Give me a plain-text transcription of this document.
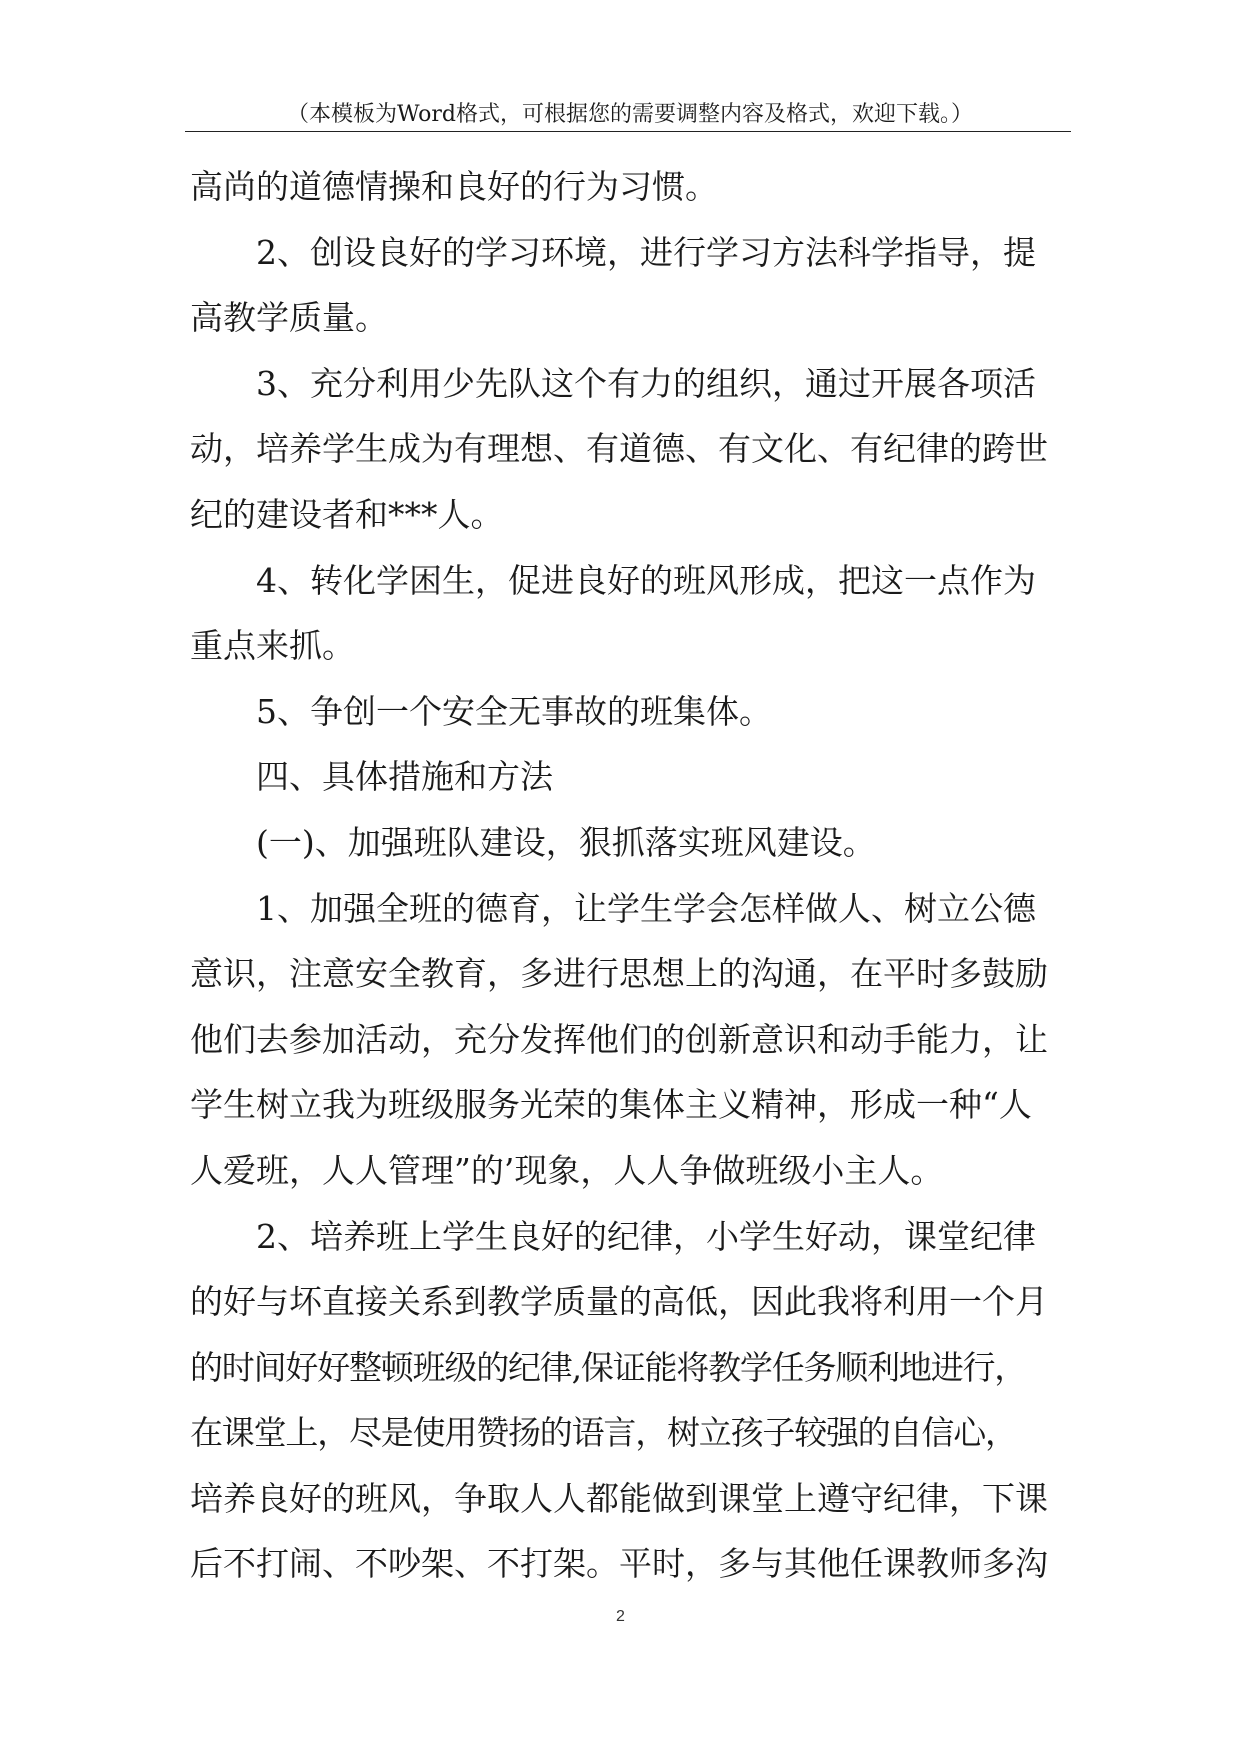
（本模板为Word格式，可根据您的需要调整内容及格式，欢迎下载。）
高尚的道德情操和良好的行为习惯。
2、创设良好的学习环境，进行学习方法科学指导，提
高教学质量。
3、充分利用少先队这个有力的组织，通过开展各项活
动，培养学生成为有理想、有道德、有文化、有纪律的跨世
纪的建设者和***人。
4、转化学困生，促进良好的班风形成，把这一点作为
重点来抓。
5、争创一个安全无事故的班集体。
四、具体措施和方法
(一)、加强班队建设，狠抓落实班风建设。
1、加强全班的德育，让学生学会怎样做人、树立公德
意识，注意安全教育，多进行思想上的沟通，在平时多鼓励
他们去参加活动，充分发挥他们的创新意识和动手能力，让
学生树立我为班级服务光荣的集体主义精神，形成一种“人
人爱班，人人管理”的’现象，人人争做班级小主人。
2、培养班上学生良好的纪律，小学生好动，课堂纪律
的好与坏直接关系到教学质量的高低，因此我将利用一个月
的时间好好整顿班级的纪律,保证能将教学任务顺利地进行，
在课堂上，尽是使用赞扬的语言，树立孩子较强的自信心，
培养良好的班风，争取人人都能做到课堂上遵守纪律，下课
后不打闹、不吵架、不打架。平时，多与其他任课教师多沟
2
